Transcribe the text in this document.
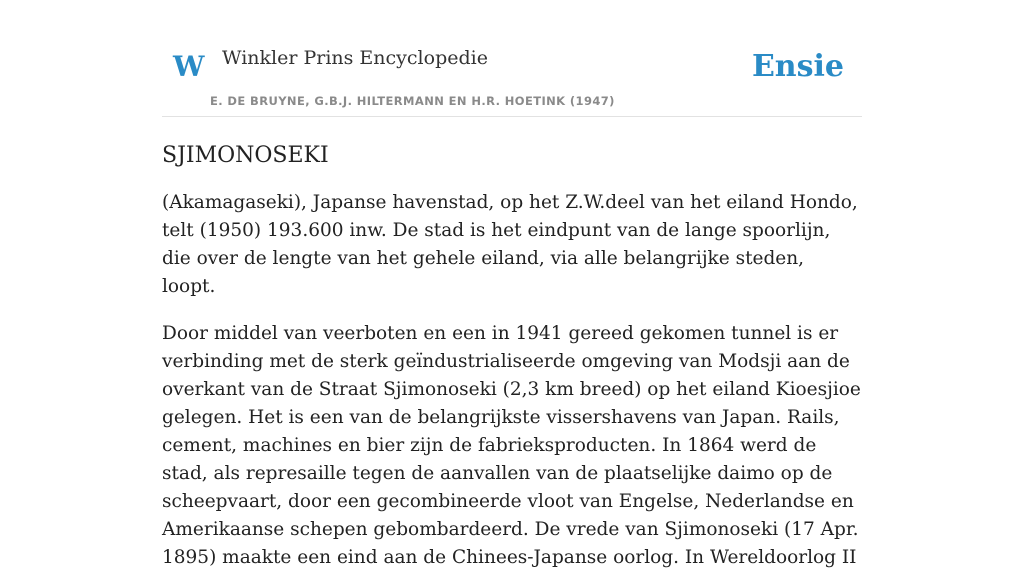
W Winkler Prins Encyclopedie
E. DE BRUYNE, G.B.J. HILTERMANN EN H.R. HOETINK (1947)
Ensie
SJIMONOSEKI

(Akamagaseki), Japanse havenstad, op het Z.W.deel van het eiland Hondo, telt (1950) 193.600 inw. De stad is het eindpunt van de lange spoorlijn, die over de lengte van het gehele eiland, via alle belangrijke steden, loopt.

Door middel van veerboten en een in 1941 gereed gekomen tunnel is er verbinding met de sterk geïndustrialiseerde omgeving van Modsji aan de overkant van de Straat Sjimonoseki (2,3 km breed) op het eiland Kioesjioe gelegen. Het is een van de belangrijkste vissershavens van Japan. Rails, cement, machines en bier zijn de fabrieksproducten. In 1864 werd de stad, als represaille tegen de aanvallen van de plaatselijke daimo op de scheepvaart, door een gecombineerde vloot van Engelse, Nederlandse en Amerikaanse schepen gebombardeerd. De vrede van Sjimonoseki (17 Apr. 1895) maakte een eind aan de Chinees-Japanse oorlog. In Wereldoorlog II
